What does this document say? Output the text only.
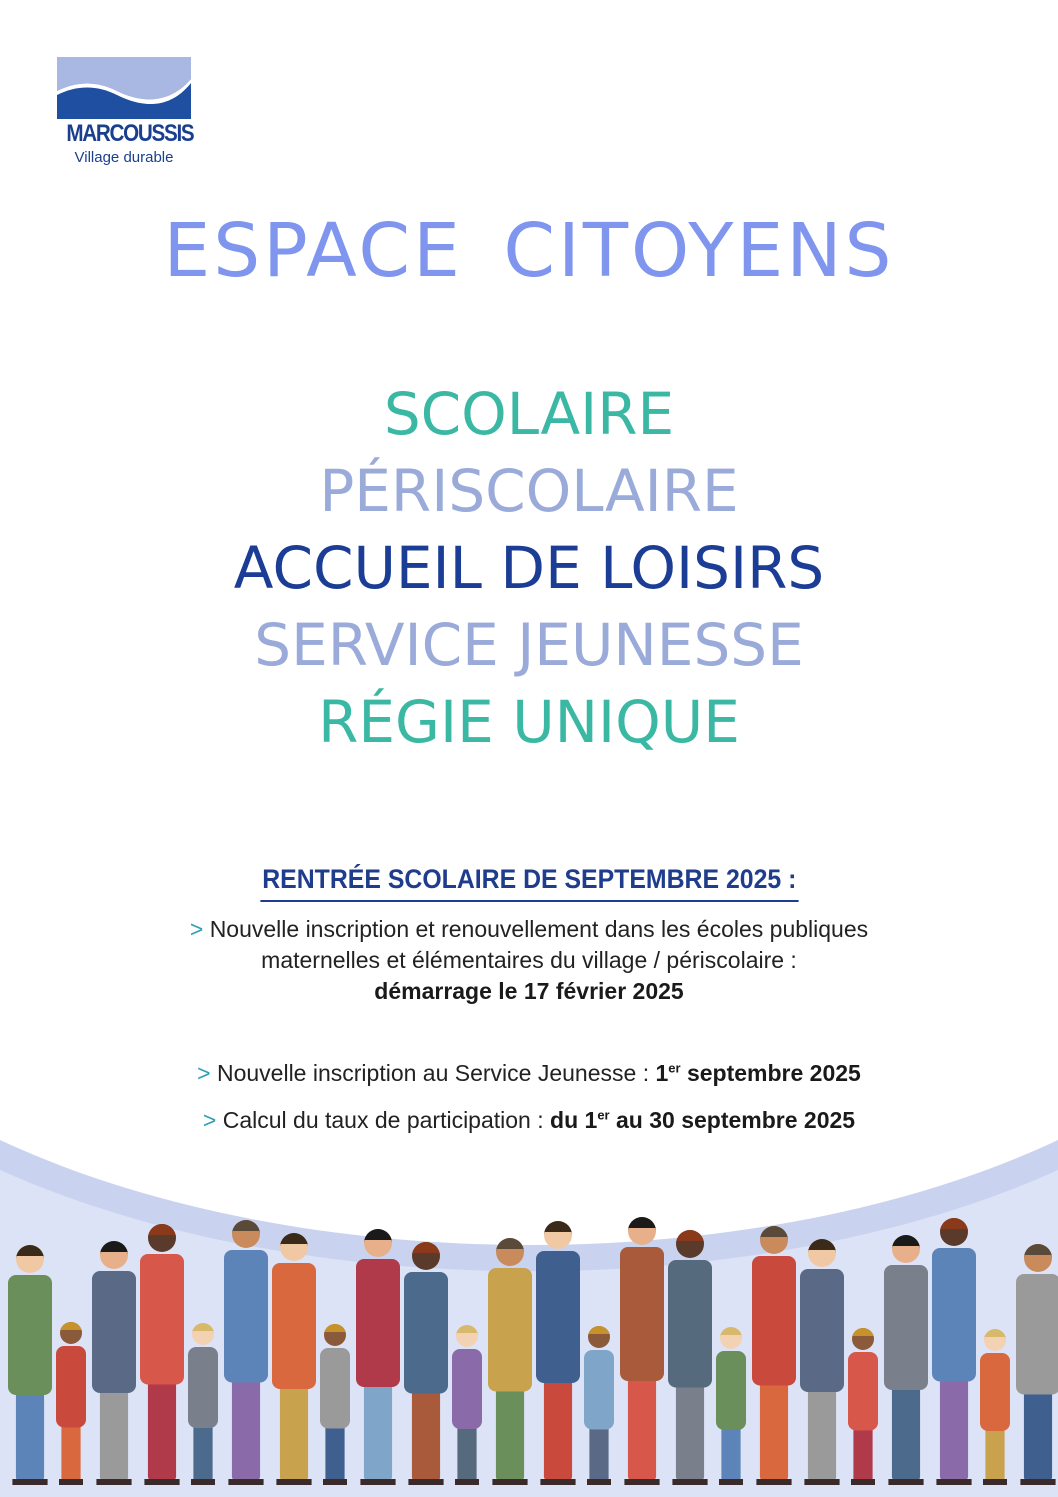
MARCOUSSIS
Village durable
ESPACE CITOYENS
SCOLAIRE
PÉRISCOLAIRE
ACCUEIL DE LOISIRS
SERVICE JEUNESSE
RÉGIE UNIQUE
RENTRÉE SCOLAIRE DE SEPTEMBRE 2025 :
> Nouvelle inscription et renouvellement dans les écoles publiques
maternelles et élémentaires du village / périscolaire :
démarrage le 17 février 2025
> Nouvelle inscription au Service Jeunesse : 1er septembre 2025
> Calcul du taux de participation : du 1er au 30 septembre 2025
